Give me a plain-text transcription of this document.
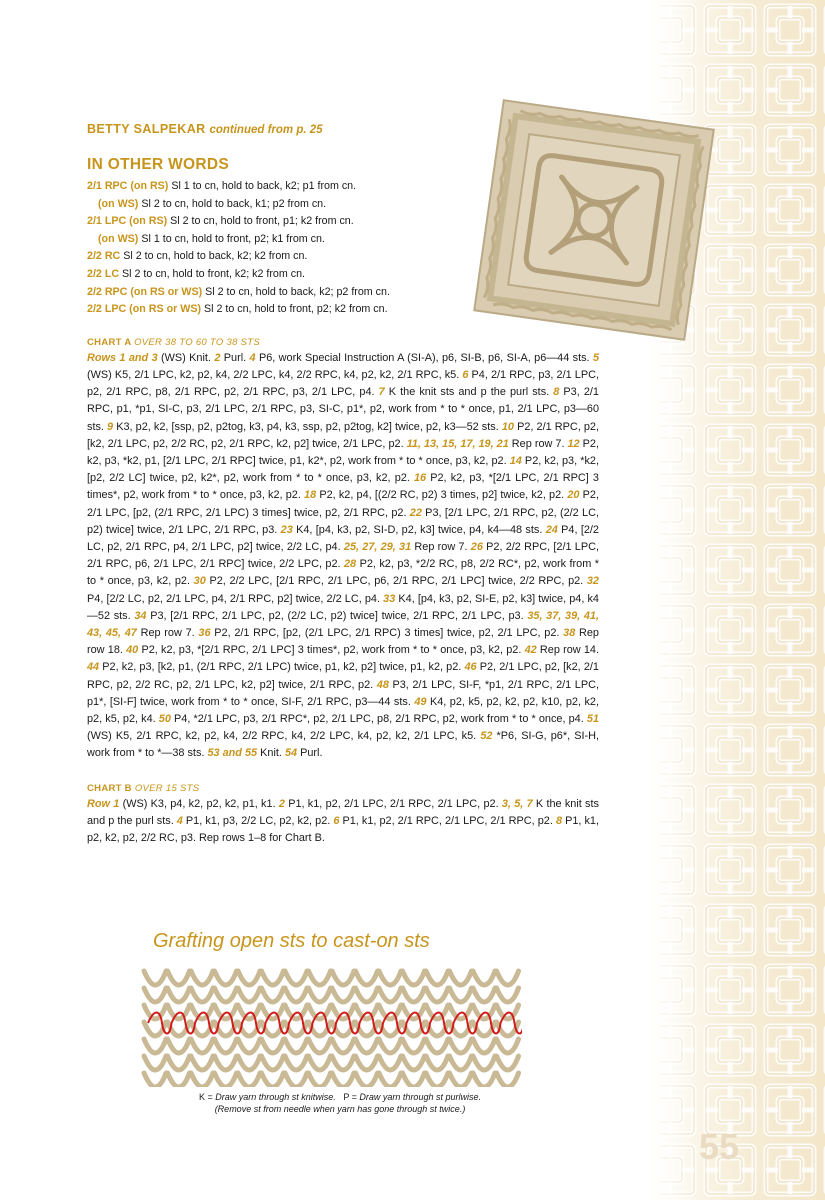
55

BETTY SALPEKAR continued from p. 25

IN OTHER WORDS
2/1 RPC (on RS) Sl 1 to cn, hold to back, k2; p1 from cn.
(on WS) Sl 2 to cn, hold to back, k1; p2 from cn.
2/1 LPC (on RS) Sl 2 to cn, hold to front, p1; k2 from cn.
(on WS) Sl 1 to cn, hold to front, p2; k1 from cn.
2/2 RC Sl 2 to cn, hold to back, k2; k2 from cn.
2/2 LC Sl 2 to cn, hold to front, k2; k2 from cn.
2/2 RPC (on RS or WS) Sl 2 to cn, hold to back, k2; p2 from cn.
2/2 LPC (on RS or WS) Sl 2 to cn, hold to front, p2; k2 from cn.
CHART A OVER 38 TO 60 TO 38 STS

Rows 1 and 3 (WS) Knit. 2 Purl. 4 P6, work Special Instruction A (SI-A), p6, SI-B, p6, SI-A, p6—44 sts. 5 (WS) K5, 2/1 LPC, k2, p2, k4, 2/2 LPC, k4, 2/2 RPC, k4, p2, k2, 2/1 RPC, k5. 6 P4, 2/1 RPC, p3, 2/1 LPC, p2, 2/1 RPC, p8, 2/1 RPC, p2, 2/1 RPC, p3, 2/1 LPC, p4. 7 K the knit sts and p the purl sts. 8 P3, 2/1 RPC, p1, *p1, SI-C, p3, 2/1 LPC, 2/1 RPC, p3, SI-C, p1*, p2, work from * to * once, p1, 2/1 LPC, p3—60 sts. 9 K3, p2, k2, [ssp, p2, p2tog, k3, p4, k3, ssp, p2, p2tog, k2] twice, p2, k3—52 sts. 10 P2, 2/1 RPC, p2, [k2, 2/1 LPC, p2, 2/2 RC, p2, 2/1 RPC, k2, p2] twice, 2/1 LPC, p2. 11, 13, 15, 17, 19, 21 Rep row 7. 12 P2, k2, p3, *k2, p1, [2/1 LPC, 2/1 RPC] twice, p1, k2*, p2, work from * to * once, p3, k2, p2. 14 P2, k2, p3, *k2, [p2, 2/2 LC] twice, p2, k2*, p2, work from * to * once, p3, k2, p2. 16 P2, k2, p3, *[2/1 LPC, 2/1 RPC] 3 times*, p2, work from * to * once, p3, k2, p2. 18 P2, k2, p4, [(2/2 RC, p2) 3 times, p2] twice, k2, p2. 20 P2, 2/1 LPC, [p2, (2/1 RPC, 2/1 LPC) 3 times] twice, p2, 2/1 RPC, p2. 22 P3, [2/1 LPC, 2/1 RPC, p2, (2/2 LC, p2) twice] twice, 2/1 LPC, 2/1 RPC, p3. 23 K4, [p4, k3, p2, SI-D, p2, k3] twice, p4, k4—48 sts. 24 P4, [2/2 LC, p2, 2/1 RPC, p4, 2/1 LPC, p2] twice, 2/2 LC, p4. 25, 27, 29, 31 Rep row 7. 26 P2, 2/2 RPC, [2/1 LPC, 2/1 RPC, p6, 2/1 LPC, 2/1 RPC] twice, 2/2 LPC, p2. 28 P2, k2, p3, *2/2 RC, p8, 2/2 RC*, p2, work from * to * once, p3, k2, p2. 30 P2, 2/2 LPC, [2/1 RPC, 2/1 LPC, p6, 2/1 RPC, 2/1 LPC] twice, 2/2 RPC, p2. 32 P4, [2/2 LC, p2, 2/1 LPC, p4, 2/1 RPC, p2] twice, 2/2 LC, p4. 33 K4, [p4, k3, p2, SI-E, p2, k3] twice, p4, k4—52 sts. 34 P3, [2/1 RPC, 2/1 LPC, p2, (2/2 LC, p2) twice] twice, 2/1 RPC, 2/1 LPC, p3. 35, 37, 39, 41, 43, 45, 47 Rep row 7. 36 P2, 2/1 RPC, [p2, (2/1 LPC, 2/1 RPC) 3 times] twice, p2, 2/1 LPC, p2. 38 Rep row 18. 40 P2, k2, p3, *[2/1 RPC, 2/1 LPC] 3 times*, p2, work from * to * once, p3, k2, p2. 42 Rep row 14. 44 P2, k2, p3, [k2, p1, (2/1 RPC, 2/1 LPC) twice, p1, k2, p2] twice, p1, k2, p2. 46 P2, 2/1 LPC, p2, [k2, 2/1 RPC, p2, 2/2 RC, p2, 2/1 LPC, k2, p2] twice, 2/1 RPC, p2. 48 P3, 2/1 LPC, SI-F, *p1, 2/1 RPC, 2/1 LPC, p1*, [SI-F] twice, work from * to * once, SI-F, 2/1 RPC, p3—44 sts. 49 K4, p2, k5, p2, k2, p2, k10, p2, k2, p2, k5, p2, k4. 50 P4, *2/1 LPC, p3, 2/1 RPC*, p2, 2/1 LPC, p8, 2/1 RPC, p2, work from * to * once, p4. 51 (WS) K5, 2/1 RPC, k2, p2, k4, 2/2 RPC, k4, 2/2 LPC, k4, p2, k2, 2/1 LPC, k5. 52 *P6, SI-G, p6*, SI-H, work from * to *—38 sts. 53 and 55 Knit. 54 Purl.

CHART B OVER 15 STS

Row 1 (WS) K3, p4, k2, p2, k2, p1, k1. 2 P1, k1, p2, 2/1 LPC, 2/1 RPC, 2/1 LPC, p2. 3, 5, 7 K the knit sts and p the purl sts. 4 P1, k1, p3, 2/2 LC, p2, k2, p2. 6 P1, k1, p2, 2/1 RPC, 2/1 LPC, 2/1 RPC, p2. 8 P1, k1, p2, k2, p2, 2/2 RC, p3. Rep rows 1–8 for Chart B.

Grafting open sts to cast-on sts
K = Draw yarn through st knitwise.   P = Draw yarn through st purlwise.
(Remove st from needle when yarn has gone through st twice.)
